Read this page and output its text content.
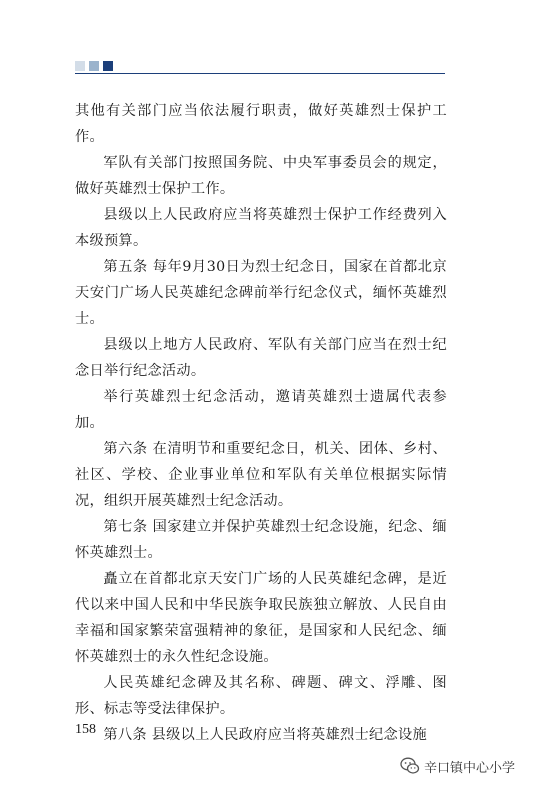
其他有关部门应当依法履行职责，做好英雄烈士保护工作。

军队有关部门按照国务院、中央军事委员会的规定，做好英雄烈士保护工作。

县级以上人民政府应当将英雄烈士保护工作经费列入本级预算。

第五条 每年9月30日为烈士纪念日，国家在首都北京天安门广场人民英雄纪念碑前举行纪念仪式，缅怀英雄烈士。

县级以上地方人民政府、军队有关部门应当在烈士纪念日举行纪念活动。

举行英雄烈士纪念活动，邀请英雄烈士遗属代表参加。

第六条 在清明节和重要纪念日，机关、团体、乡村、社区、学校、企业事业单位和军队有关单位根据实际情况，组织开展英雄烈士纪念活动。

第七条 国家建立并保护英雄烈士纪念设施，纪念、缅怀英雄烈士。

矗立在首都北京天安门广场的人民英雄纪念碑，是近代以来中国人民和中华民族争取民族独立解放、人民自由幸福和国家繁荣富强精神的象征，是国家和人民纪念、缅怀英雄烈士的永久性纪念设施。

人民英雄纪念碑及其名称、碑题、碑文、浮雕、图形、标志等受法律保护。

第八条 县级以上人民政府应当将英雄烈士纪念设施

158
辛口镇中心小学
